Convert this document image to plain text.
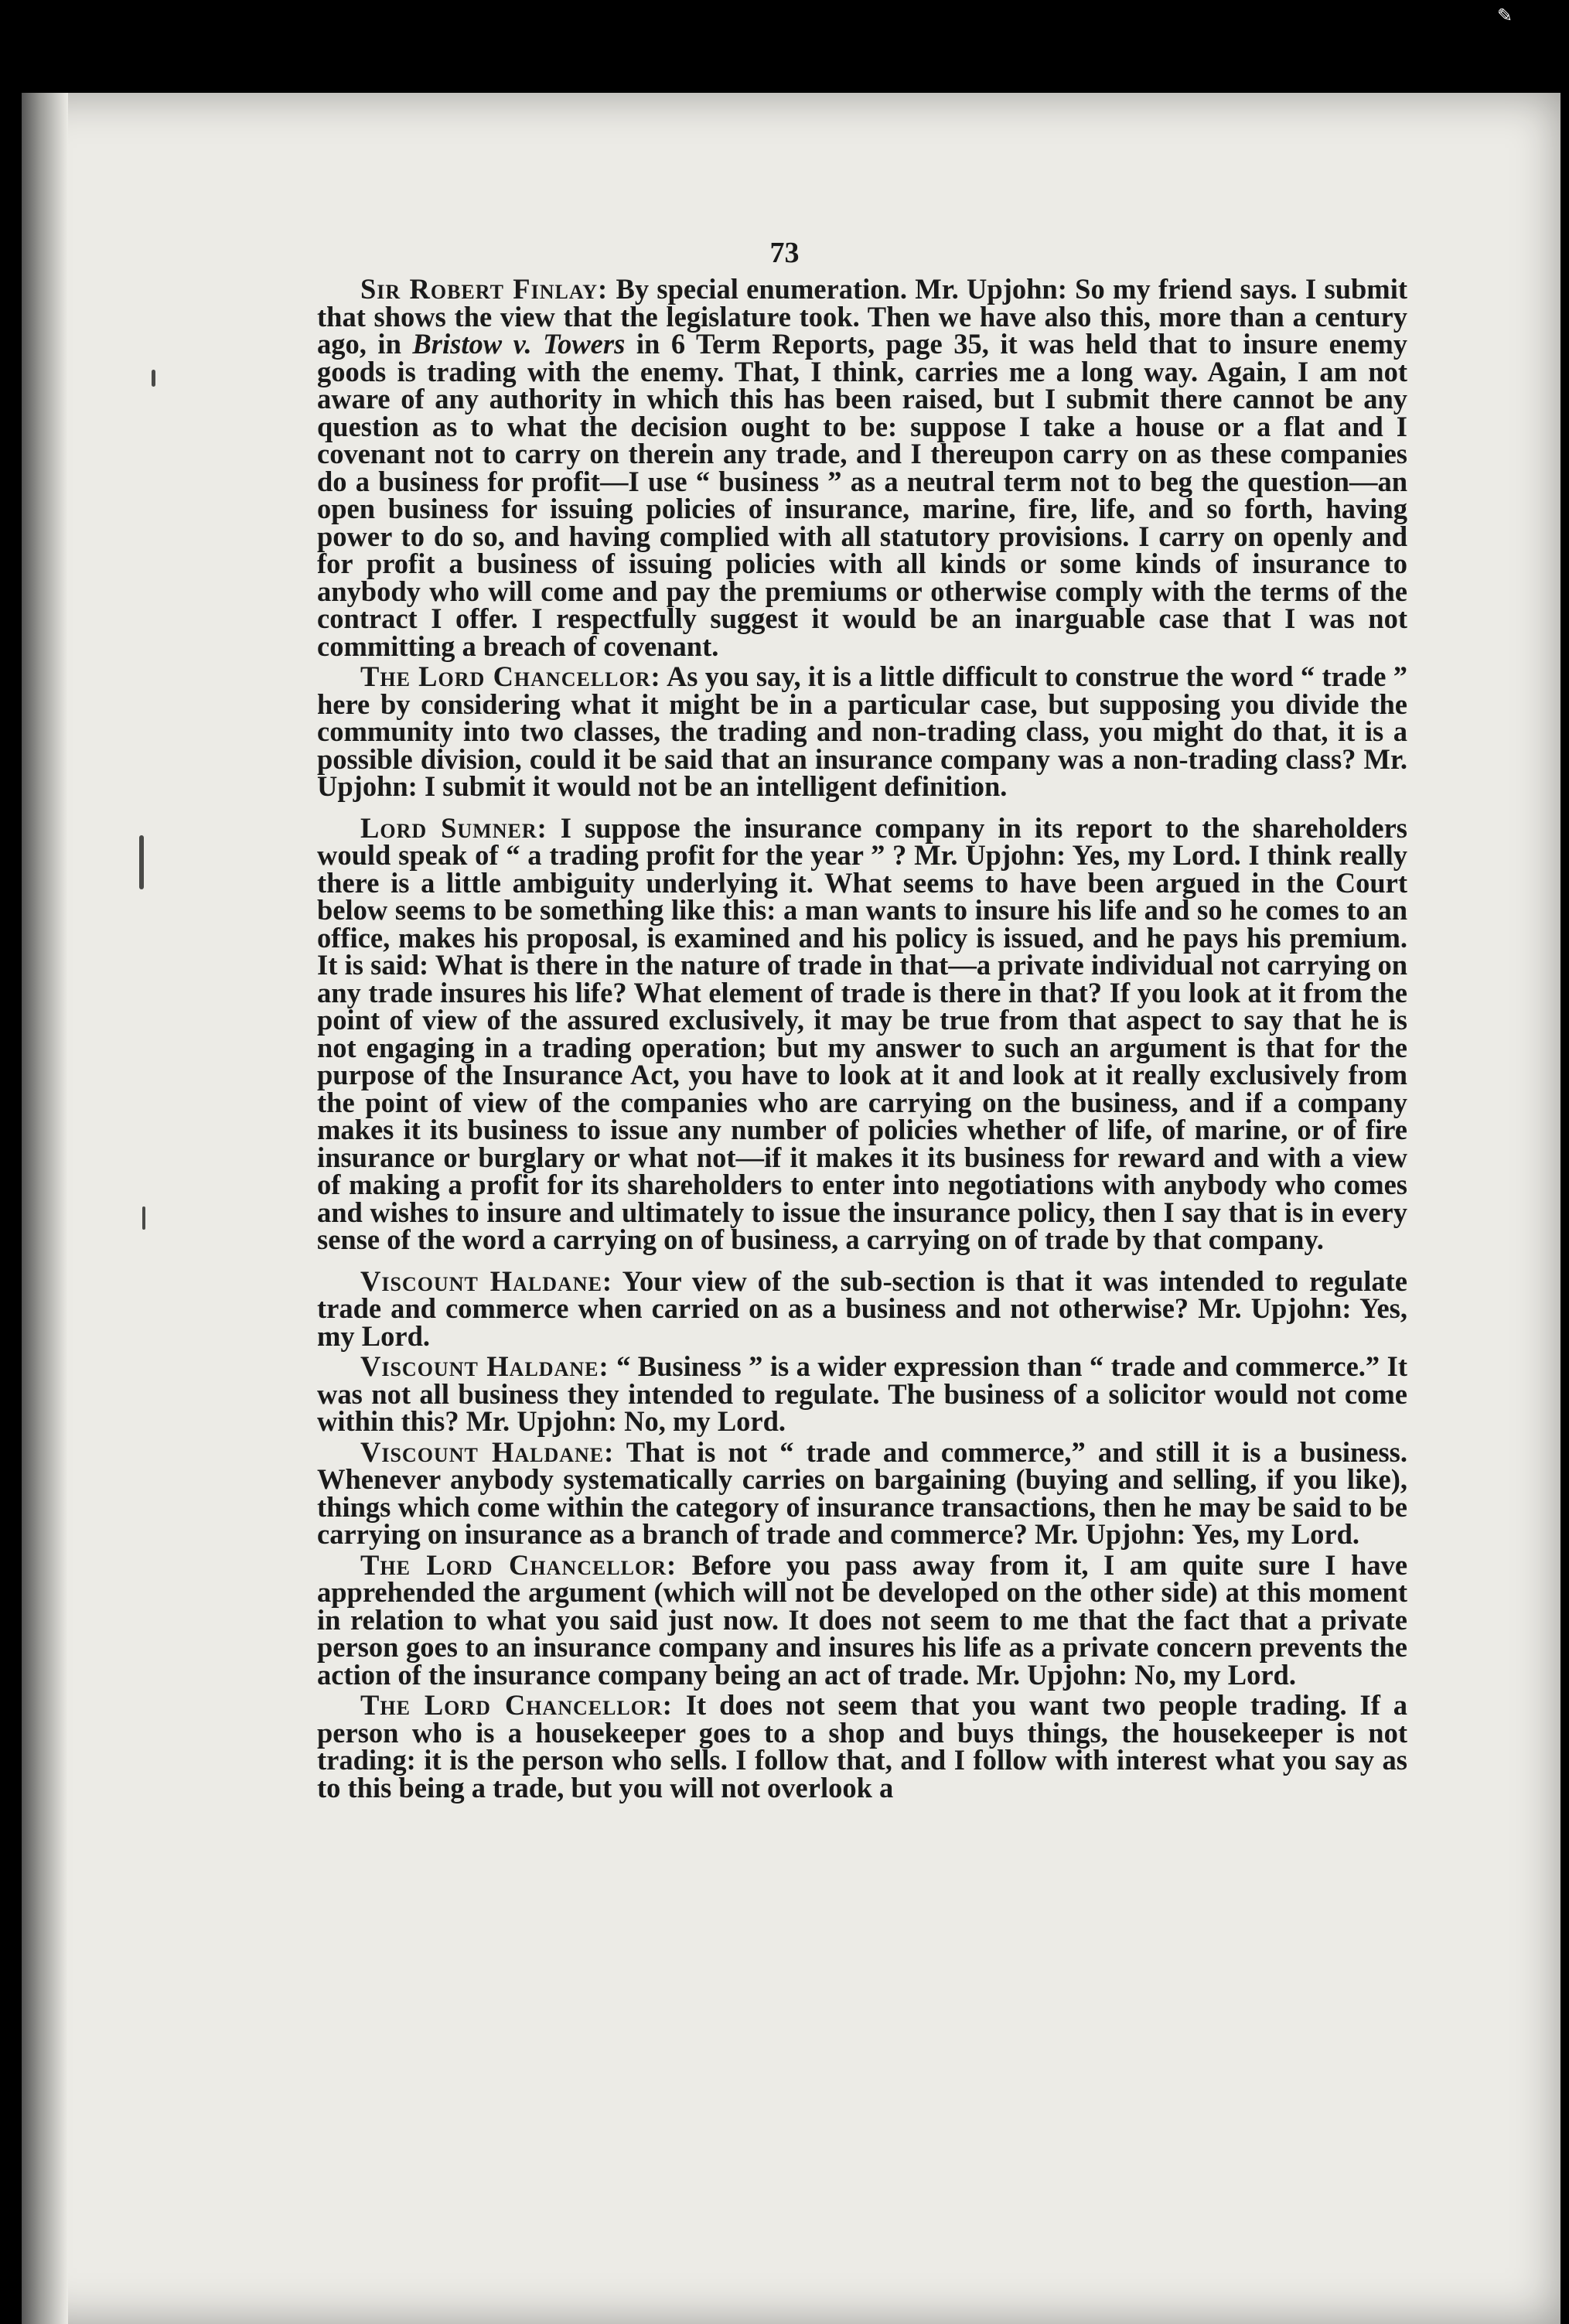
✎
73

Sir Robert Finlay: By special enumeration. Mr. Upjohn: So my friend says. I submit that shows the view that the legislature took. Then we have also this, more than a century ago, in Bristow v. Towers in 6 Term Reports, page 35, it was held that to insure enemy goods is trading with the enemy. That, I think, carries me a long way. Again, I am not aware of any authority in which this has been raised, but I submit there cannot be any question as to what the decision ought to be: suppose I take a house or a flat and I covenant not to carry on therein any trade, and I thereupon carry on as these companies do a business for profit—I use “ business ” as a neutral term not to beg the question—an open business for issuing policies of insurance, marine, fire, life, and so forth, having power to do so, and having complied with all statutory provisions. I carry on openly and for profit a business of issuing policies with all kinds or some kinds of insurance to anybody who will come and pay the premiums or otherwise comply with the terms of the contract I offer. I respectfully suggest it would be an inarguable case that I was not committing a breach of covenant.

The Lord Chancellor: As you say, it is a little difficult to construe the word “ trade ” here by considering what it might be in a particular case, but supposing you divide the community into two classes, the trading and non-trading class, you might do that, it is a possible division, could it be said that an insurance company was a non-trading class? Mr. Upjohn: I submit it would not be an intelligent definition.

Lord Sumner: I suppose the insurance company in its report to the shareholders would speak of “ a trading profit for the year ” ? Mr. Upjohn: Yes, my Lord. I think really there is a little ambiguity underlying it. What seems to have been argued in the Court below seems to be something like this: a man wants to insure his life and so he comes to an office, makes his proposal, is examined and his policy is issued, and he pays his premium. It is said: What is there in the nature of trade in that—a private individual not carrying on any trade insures his life? What element of trade is there in that? If you look at it from the point of view of the assured exclusively, it may be true from that aspect to say that he is not engaging in a trading operation; but my answer to such an argument is that for the purpose of the Insurance Act, you have to look at it and look at it really exclusively from the point of view of the companies who are carrying on the business, and if a company makes it its business to issue any number of policies whether of life, of marine, or of fire insurance or burglary or what not—if it makes it its business for reward and with a view of making a profit for its shareholders to enter into negotiations with anybody who comes and wishes to insure and ultimately to issue the insurance policy, then I say that is in every sense of the word a carrying on of business, a carrying on of trade by that company.

Viscount Haldane: Your view of the sub-section is that it was intended to regulate trade and commerce when carried on as a business and not otherwise? Mr. Upjohn: Yes, my Lord.

Viscount Haldane: “ Business ” is a wider expression than “ trade and commerce.” It was not all business they intended to regulate. The business of a solicitor would not come within this? Mr. Upjohn: No, my Lord.

Viscount Haldane: That is not “ trade and commerce,” and still it is a business. Whenever anybody systematically carries on bargaining (buying and selling, if you like), things which come within the category of insurance transactions, then he may be said to be carrying on insurance as a branch of trade and commerce? Mr. Upjohn: Yes, my Lord.

The Lord Chancellor: Before you pass away from it, I am quite sure I have apprehended the argument (which will not be developed on the other side) at this moment in relation to what you said just now. It does not seem to me that the fact that a private person goes to an insurance company and insures his life as a private concern prevents the action of the insurance company being an act of trade. Mr. Upjohn: No, my Lord.

The Lord Chancellor: It does not seem that you want two people trading. If a person who is a housekeeper goes to a shop and buys things, the housekeeper is not trading: it is the person who sells. I follow that, and I follow with interest what you say as to this being a trade, but you will not overlook a
